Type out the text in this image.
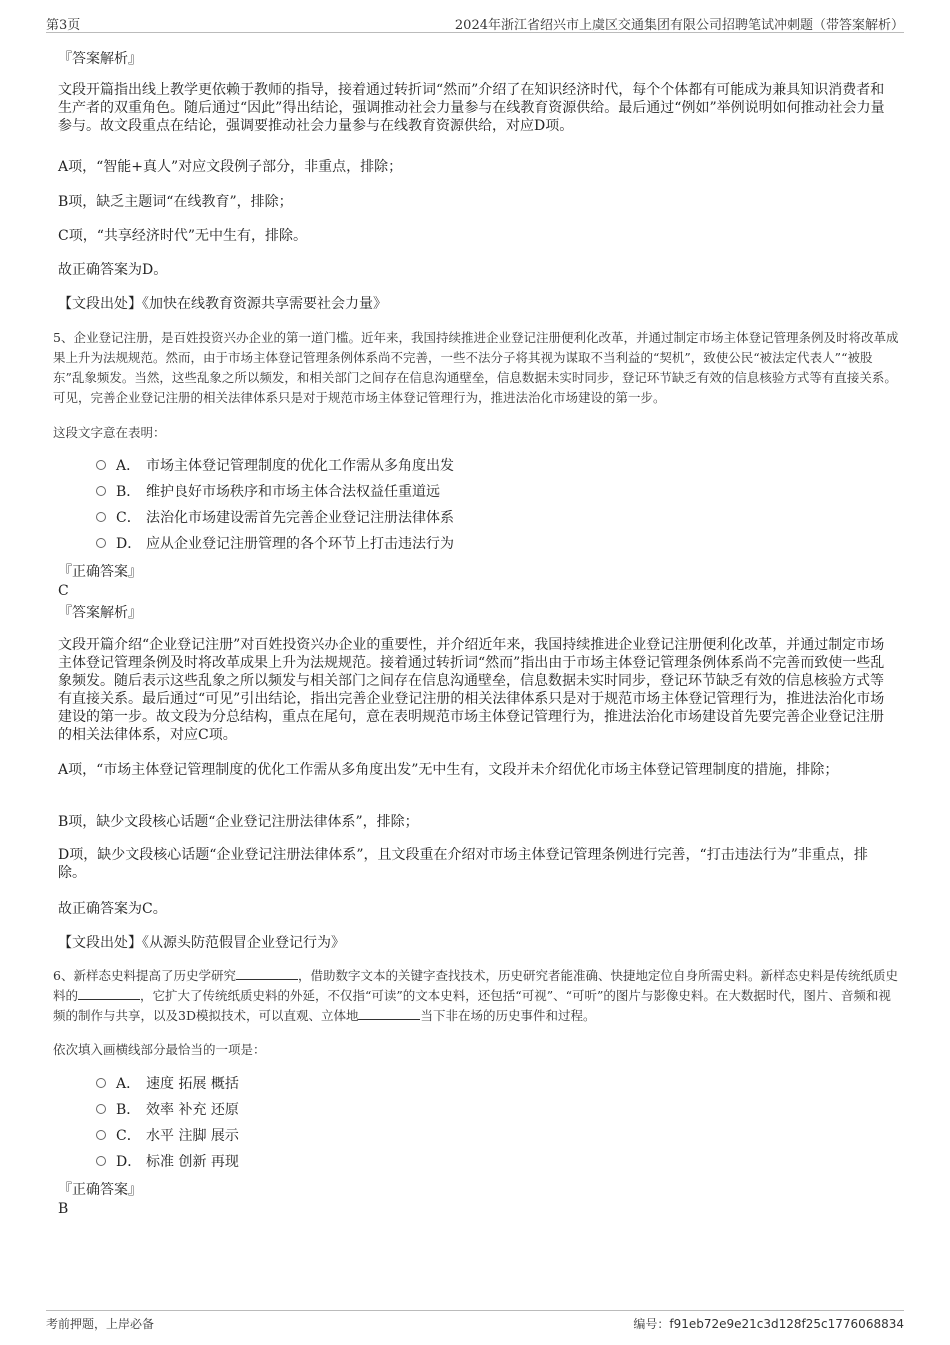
第3页	2024年浙江省绍兴市上虞区交通集团有限公司招聘笔试冲刺题（带答案解析）
『答案解析』
文段开篇指出线上教学更依赖于教师的指导，接着通过转折词“然而”介绍了在知识经济时代，每个个体都有可能成为兼具知识消费者和生产者的双重角色。随后通过“因此”得出结论，强调推动社会力量参与在线教育资源供给。最后通过“例如”举例说明如何推动社会力量参与。故文段重点在结论，强调要推动社会力量参与在线教育资源供给，对应D项。
A项，“智能+真人”对应文段例子部分，非重点，排除；
B项，缺乏主题词“在线教育”，排除；
C项，“共享经济时代”无中生有，排除。
故正确答案为D。
【文段出处】《加快在线教育资源共享需要社会力量》
5、企业登记注册，是百姓投资兴办企业的第一道门槛。近年来，我国持续推进企业登记注册便利化改革，并通过制定市场主体登记管理条例及时将改革成果上升为法规规范。然而，由于市场主体登记管理条例体系尚不完善，一些不法分子将其视为谋取不当利益的“契机”，致使公民“被法定代表人”“被股东”乱象频发。当然，这些乱象之所以频发，和相关部门之间存在信息沟通壁垒，信息数据未实时同步，登记环节缺乏有效的信息核验方式等有直接关系。可见，完善企业登记注册的相关法律体系只是对于规范市场主体登记管理行为，推进法治化市场建设的第一步。
这段文字意在表明：
A． 市场主体登记管理制度的优化工作需从多角度出发
B． 维护良好市场秩序和市场主体合法权益任重道远
C． 法治化市场建设需首先完善企业登记注册法律体系
D． 应从企业登记注册管理的各个环节上打击违法行为
『正确答案』
C
『答案解析』
文段开篇介绍“企业登记注册”对百姓投资兴办企业的重要性，并介绍近年来，我国持续推进企业登记注册便利化改革，并通过制定市场主体登记管理条例及时将改革成果上升为法规规范。接着通过转折词“然而”指出由于市场主体登记管理条例体系尚不完善而致使一些乱象频发。随后表示这些乱象之所以频发与相关部门之间存在信息沟通壁垒，信息数据未实时同步，登记环节缺乏有效的信息核验方式等有直接关系。最后通过“可见”引出结论，指出完善企业登记注册的相关法律体系只是对于规范市场主体登记管理行为，推进法治化市场建设的第一步。故文段为分总结构，重点在尾句，意在表明规范市场主体登记管理行为，推进法治化市场建设首先要完善企业登记注册的相关法律体系，对应C项。
A项，“市场主体登记管理制度的优化工作需从多角度出发”无中生有，文段并未介绍优化市场主体登记管理制度的措施，排除；
B项，缺少文段核心话题“企业登记注册法律体系”，排除；
D项，缺少文段核心话题“企业登记注册法律体系”，且文段重在介绍对市场主体登记管理条例进行完善，“打击违法行为”非重点，排除。
故正确答案为C。
【文段出处】《从源头防范假冒企业登记行为》
6、新样态史料提高了历史学研究	，借助数字文本的关键字查找技术，历史研究者能准确、快捷地定位自身所需史料。新样态史料是传统纸质史料的	，它扩大了传统纸质史料的外延，不仅指“可读”的文本史料，还包括“可视”、“可听”的图片与影像史料。在大数据时代，图片、音频和视频的制作与共享，以及3D模拟技术，可以直观、立体地	当下非在场的历史事件和过程。
依次填入画横线部分最恰当的一项是：
A． 速度 拓展 概括
B． 效率 补充 还原
C． 水平 注脚 展示
D． 标准 创新 再现
『正确答案』
B
考前押题，上岸必备	编号：f91eb72e9e21c3d128f25c1776068834
